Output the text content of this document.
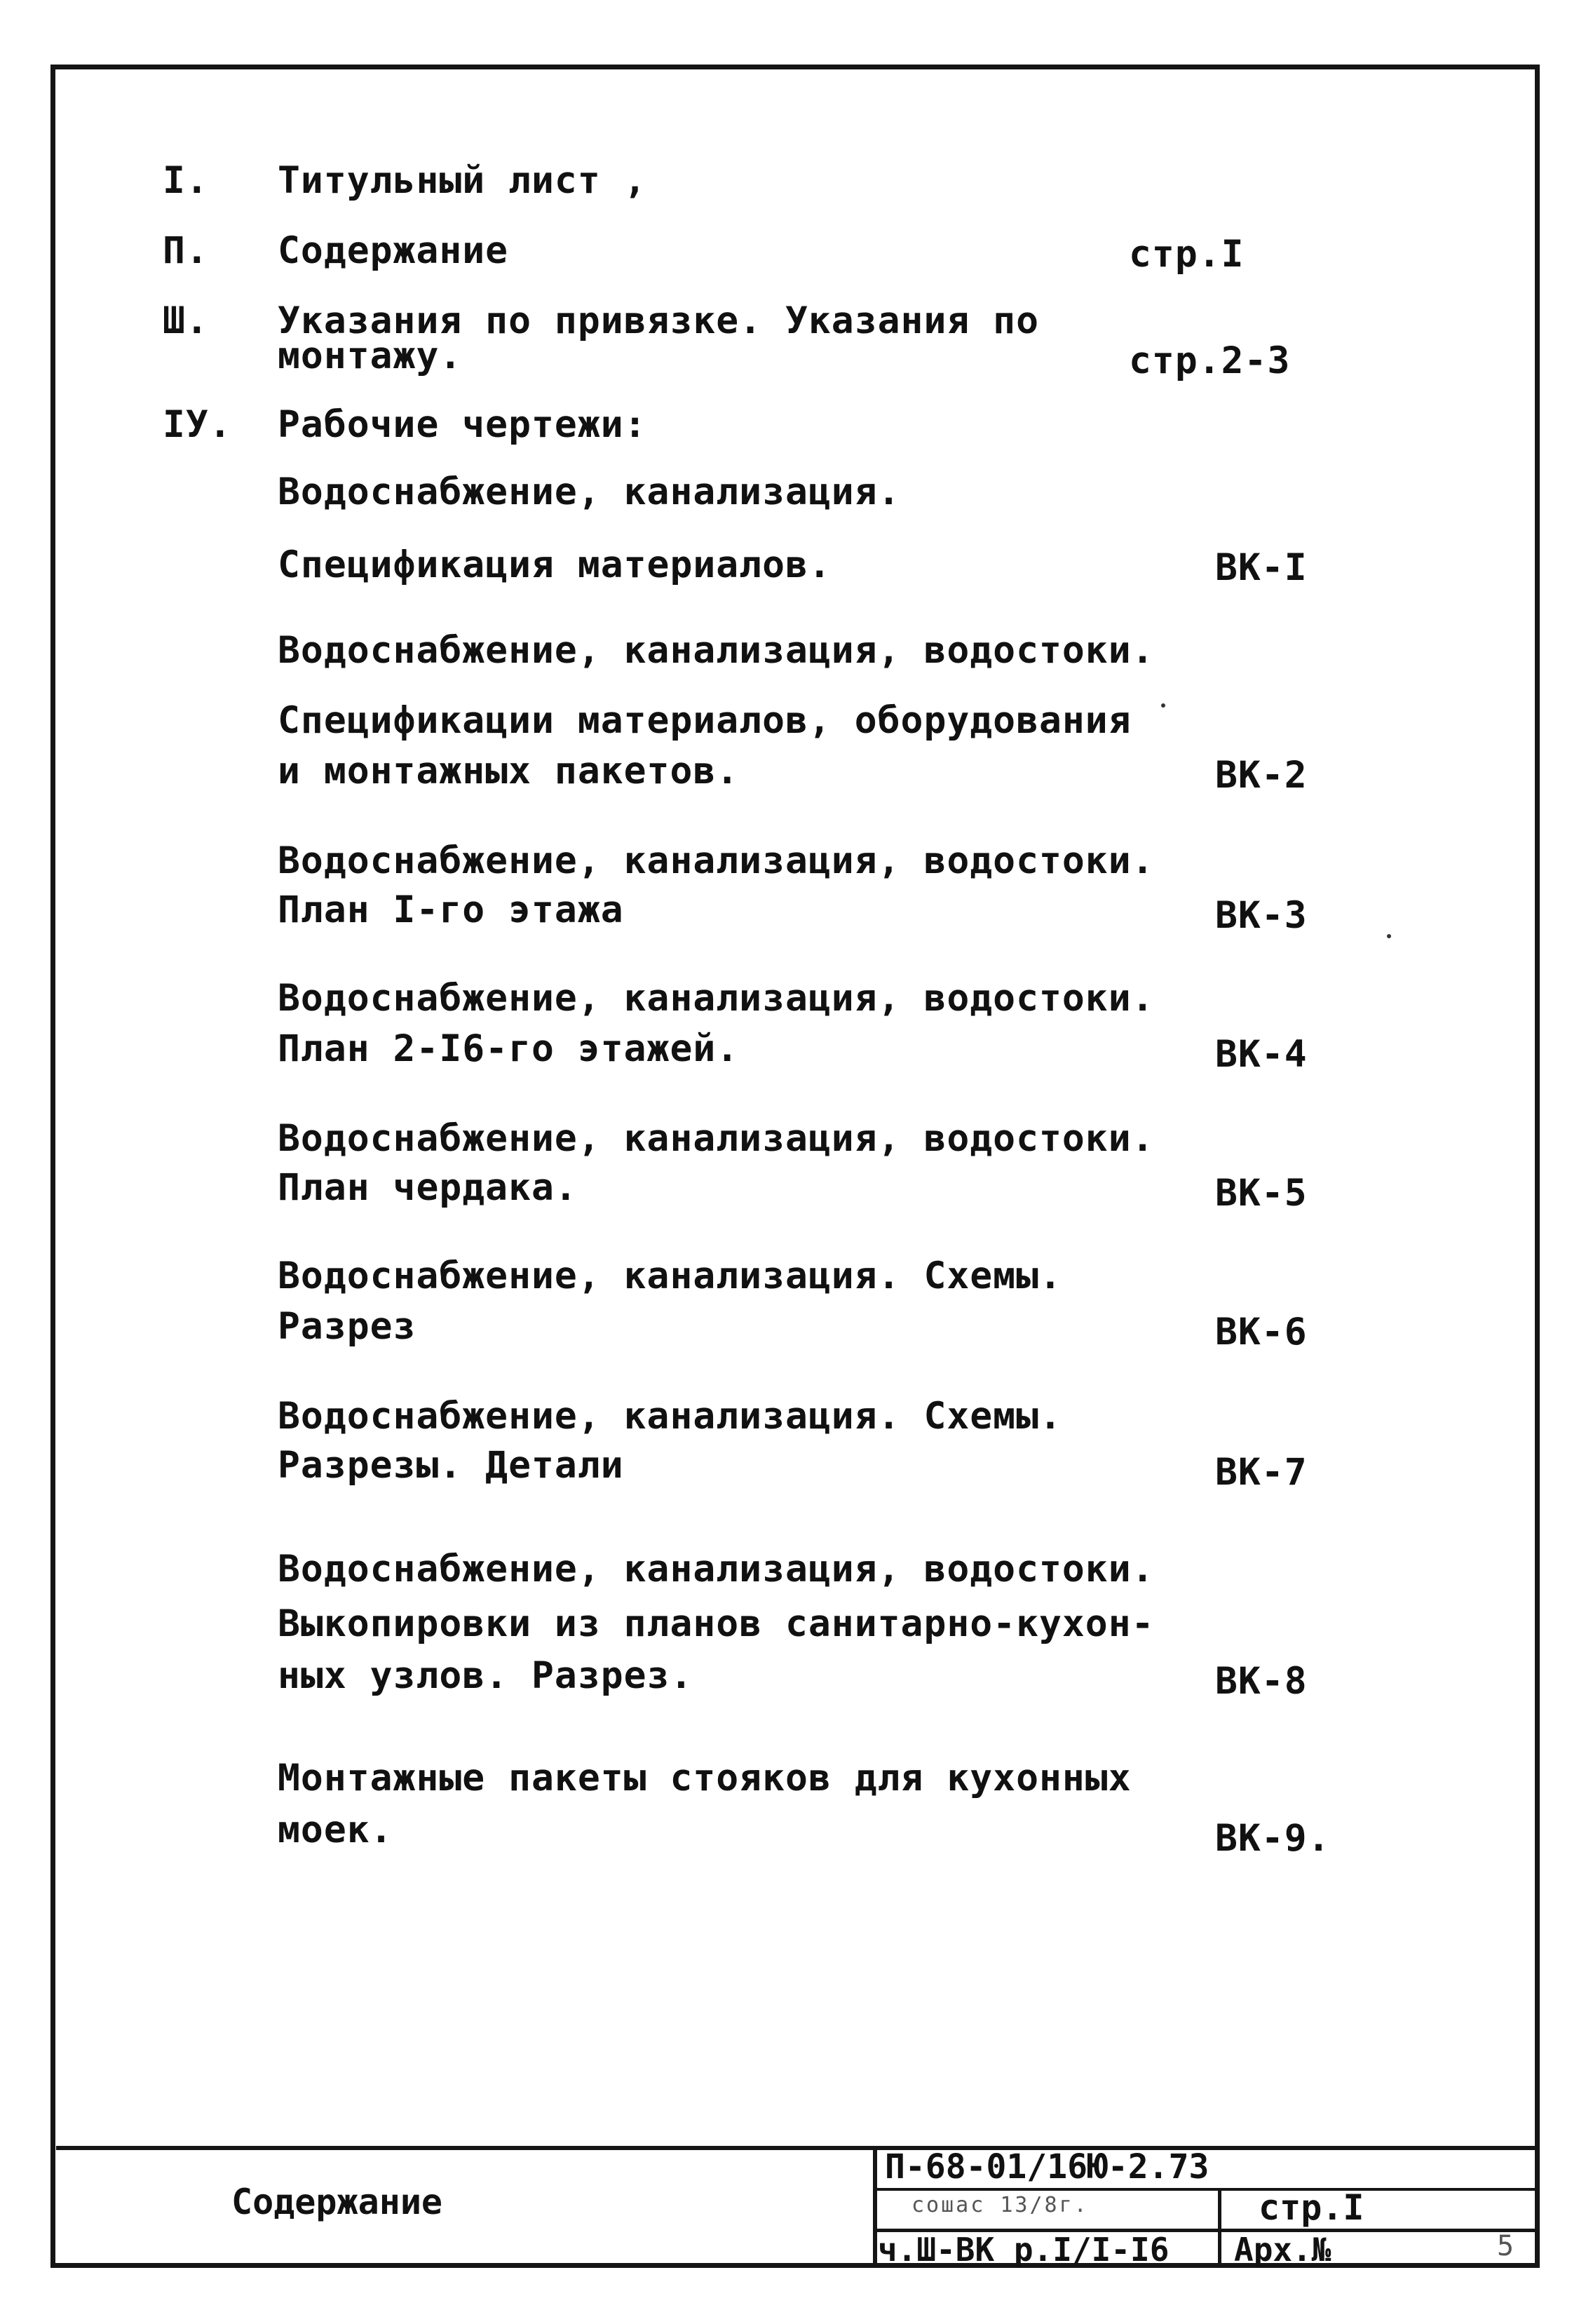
I. Титульный лист ,
П. Содержание	стр.I
Ш. Указания по привязке. Указания по
монтажу.	стр.2-3
IУ. Рабочие чертежи:
Водоснабжение, канализация.
Спецификация материалов.	ВК-I
Водоснабжение, канализация, водостоки.
Спецификации материалов, оборудования
и монтажных пакетов.	ВК-2
Водоснабжение, канализация, водостоки.
План I-го этажа	ВК-3
Водоснабжение, канализация, водостоки.
План 2-I6-го этажей.	ВК-4
Водоснабжение, канализация, водостоки.
План чердака.	ВК-5
Водоснабжение, канализация. Схемы.
Разрез	ВК-6
Водоснабжение, канализация. Схемы.
Разрезы. Детали	ВК-7
Водоснабжение, канализация, водостоки.
Выкопировки из планов санитарно-кухон-
ных узлов. Разрез.	ВК-8
Монтажные пакеты стояков для кухонных
моек.	ВК-9.
Содержание
П-68-01/16Ю-2.73
сошас 13/8г.	стр.I
ч.Ш-ВК р.I/I-I6 Арх.№	5
